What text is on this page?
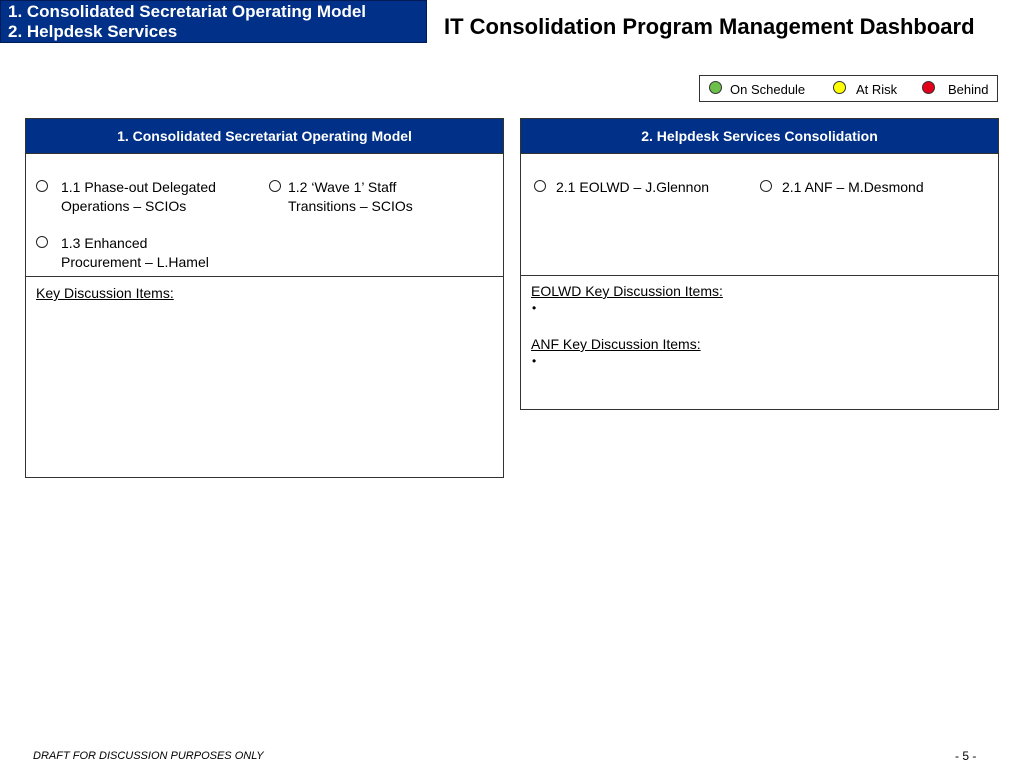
1. Consolidated Secretariat Operating Model
2. Helpdesk Services	IT Consolidation Program Management Dashboard
On Schedule	At Risk	Behind
1. Consolidated Secretariat Operating Model
1.1 Phase-out Delegated
Operations – SCIOs
1.2 ‘Wave 1’ Staff
Transitions – SCIOs
1.3 Enhanced
Procurement – L.Hamel
Key Discussion Items:
2. Helpdesk Services Consolidation
2.1 EOLWD – J.Glennon	2.1 ANF – M.Desmond
EOLWD Key Discussion Items:
•
ANF Key Discussion Items:
•
DRAFT FOR DISCUSSION PURPOSES ONLY	- 5 -
